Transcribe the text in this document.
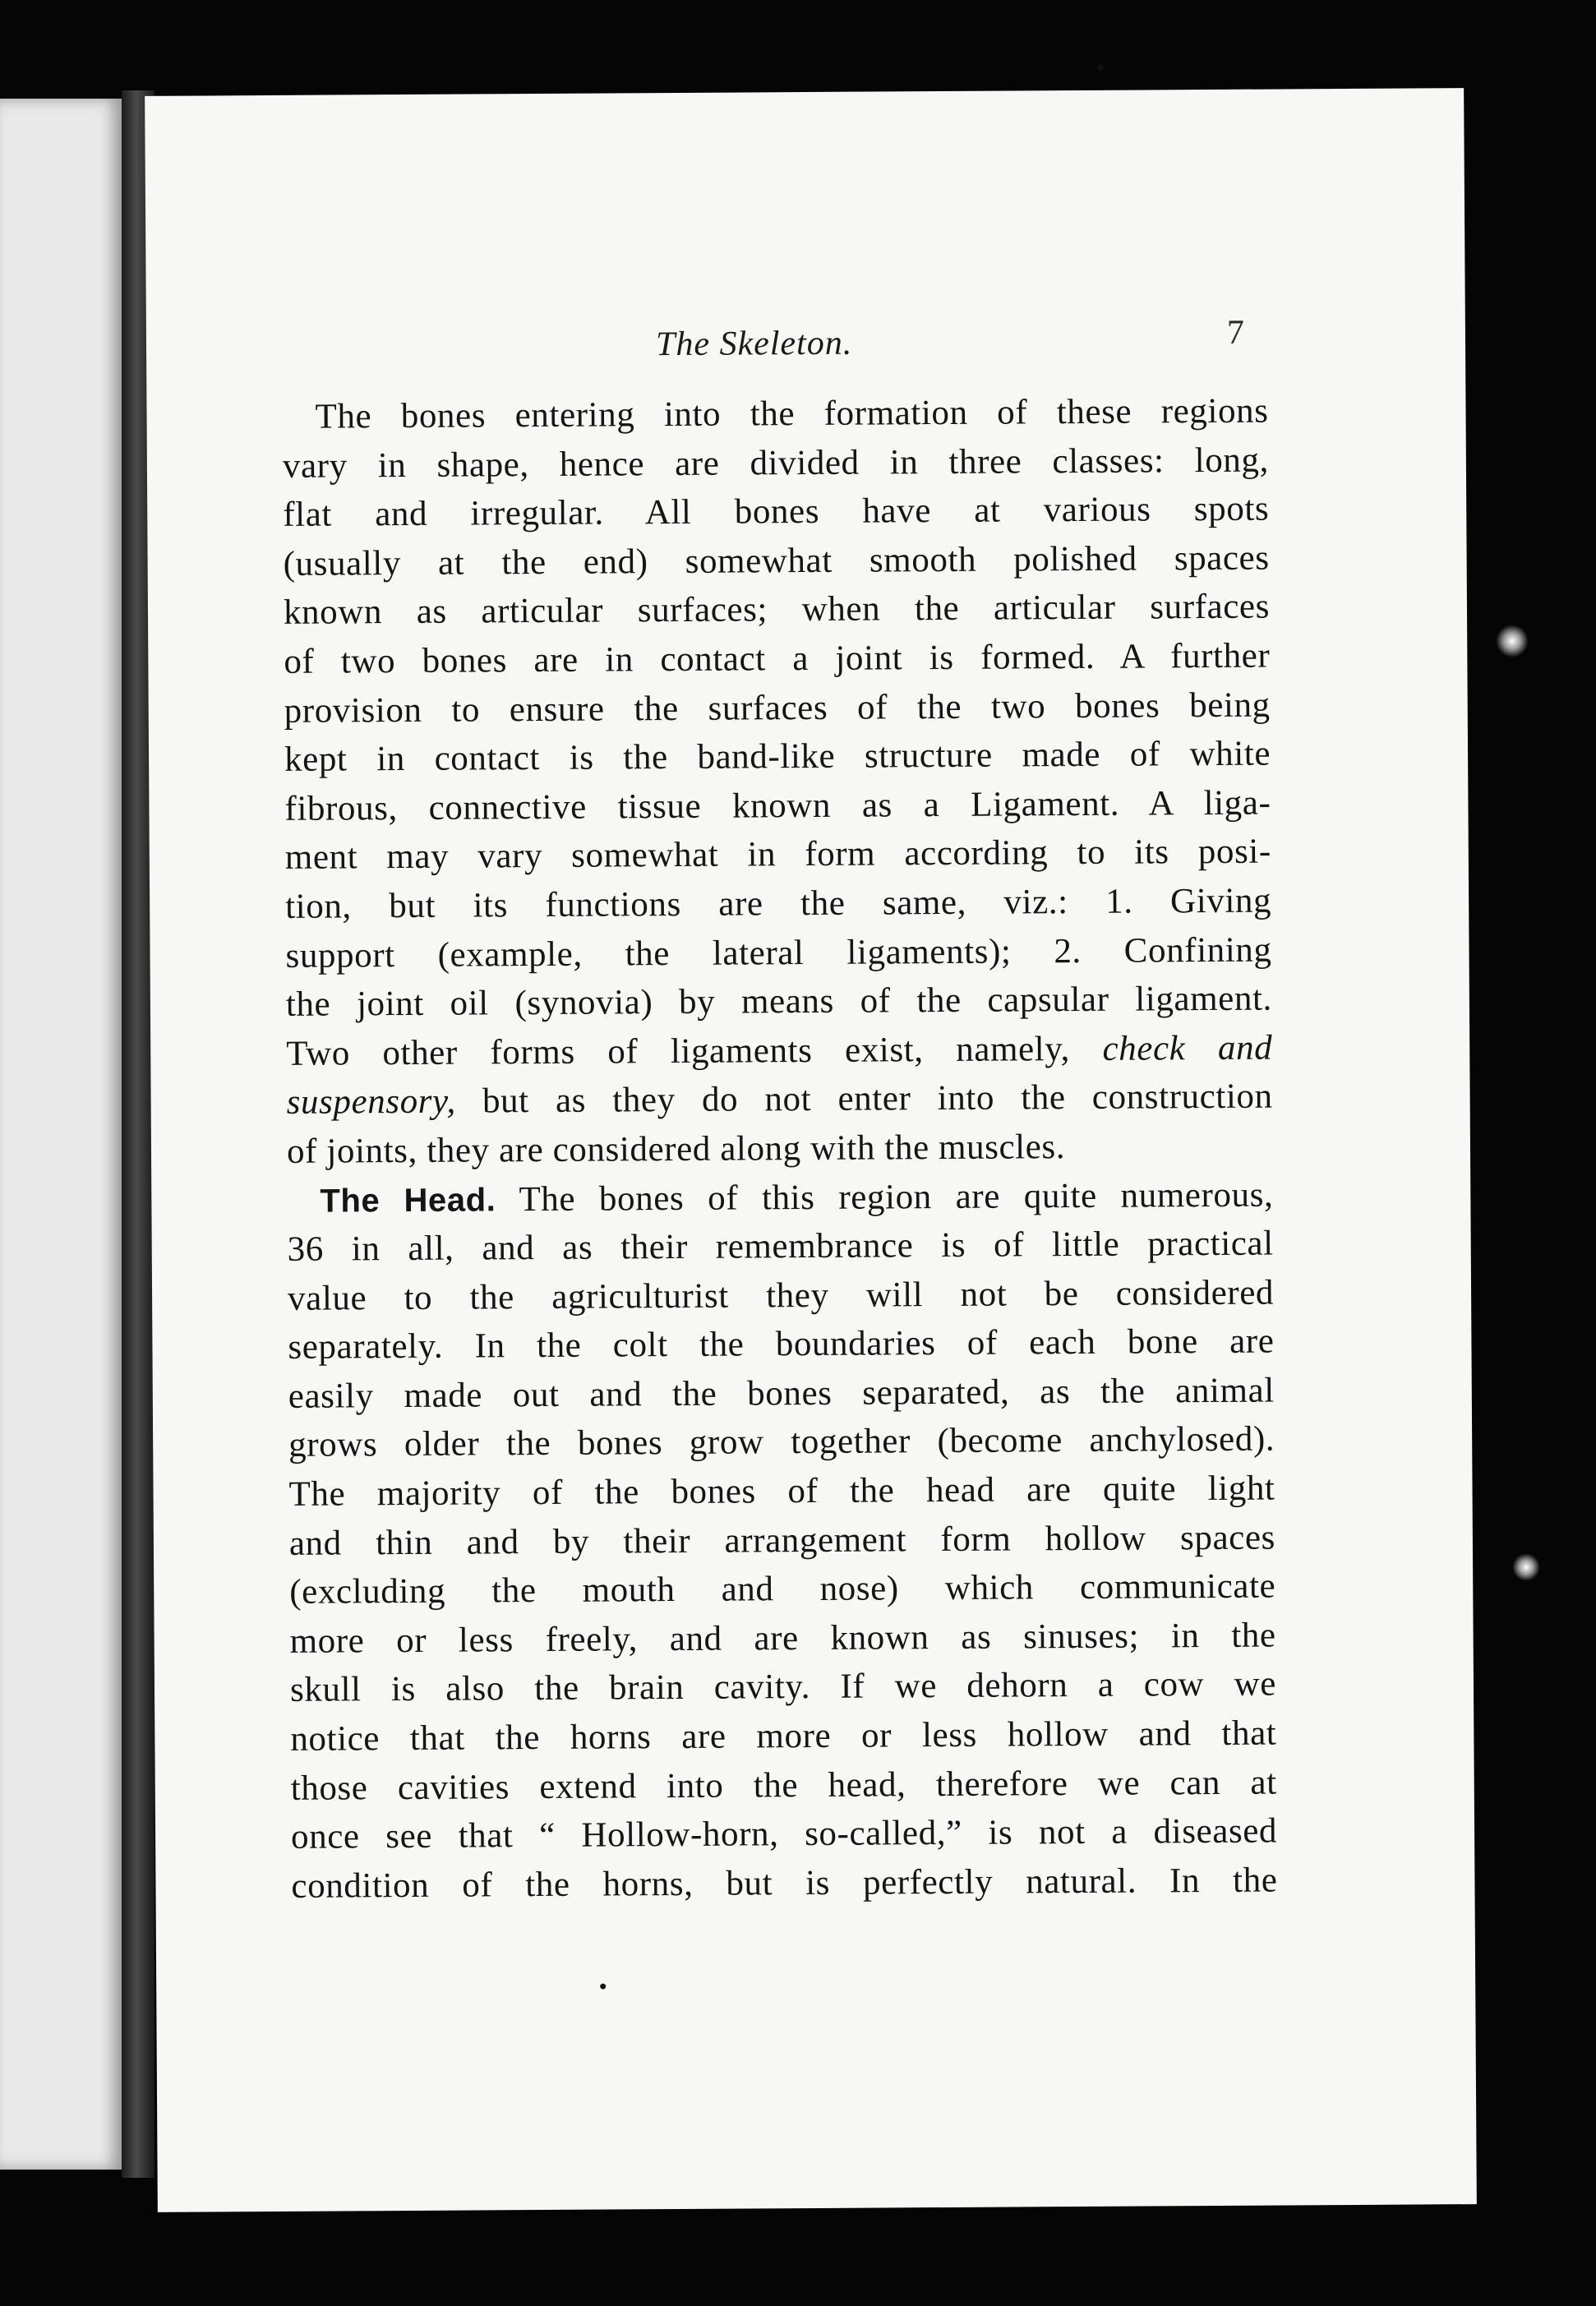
The Skeleton.	7
The bones entering into the formation of these regions
vary in shape, hence are divided in three classes: long,
flat and irregular. All bones have at various spots
(usually at the end) somewhat smooth polished spaces
known as articular surfaces; when the articular surfaces
of two bones are in contact a joint is formed. A further
provision to ensure the surfaces of the two bones being
kept in contact is the band-like structure made of white
fibrous, connective tissue known as a Ligament. A liga-
ment may vary somewhat in form according to its posi-
tion, but its functions are the same, viz.: 1. Giving
support (example, the lateral ligaments); 2. Confining
the joint oil (synovia) by means of the capsular ligament.
Two other forms of ligaments exist, namely, check and
suspensory, but as they do not enter into the construction
of joints, they are considered along with the muscles.
The Head. The bones of this region are quite numerous,
36 in all, and as their remembrance is of little practical
value to the agriculturist they will not be considered
separately. In the colt the boundaries of each bone are
easily made out and the bones separated, as the animal
grows older the bones grow together (become anchylosed).
The majority of the bones of the head are quite light
and thin and by their arrangement form hollow spaces
(excluding the mouth and nose) which communicate
more or less freely, and are known as sinuses; in the
skull is also the brain cavity. If we dehorn a cow we
notice that the horns are more or less hollow and that
those cavities extend into the head, therefore we can at
once see that “ Hollow-horn, so-called,” is not a diseased
condition of the horns, but is perfectly natural. In the
